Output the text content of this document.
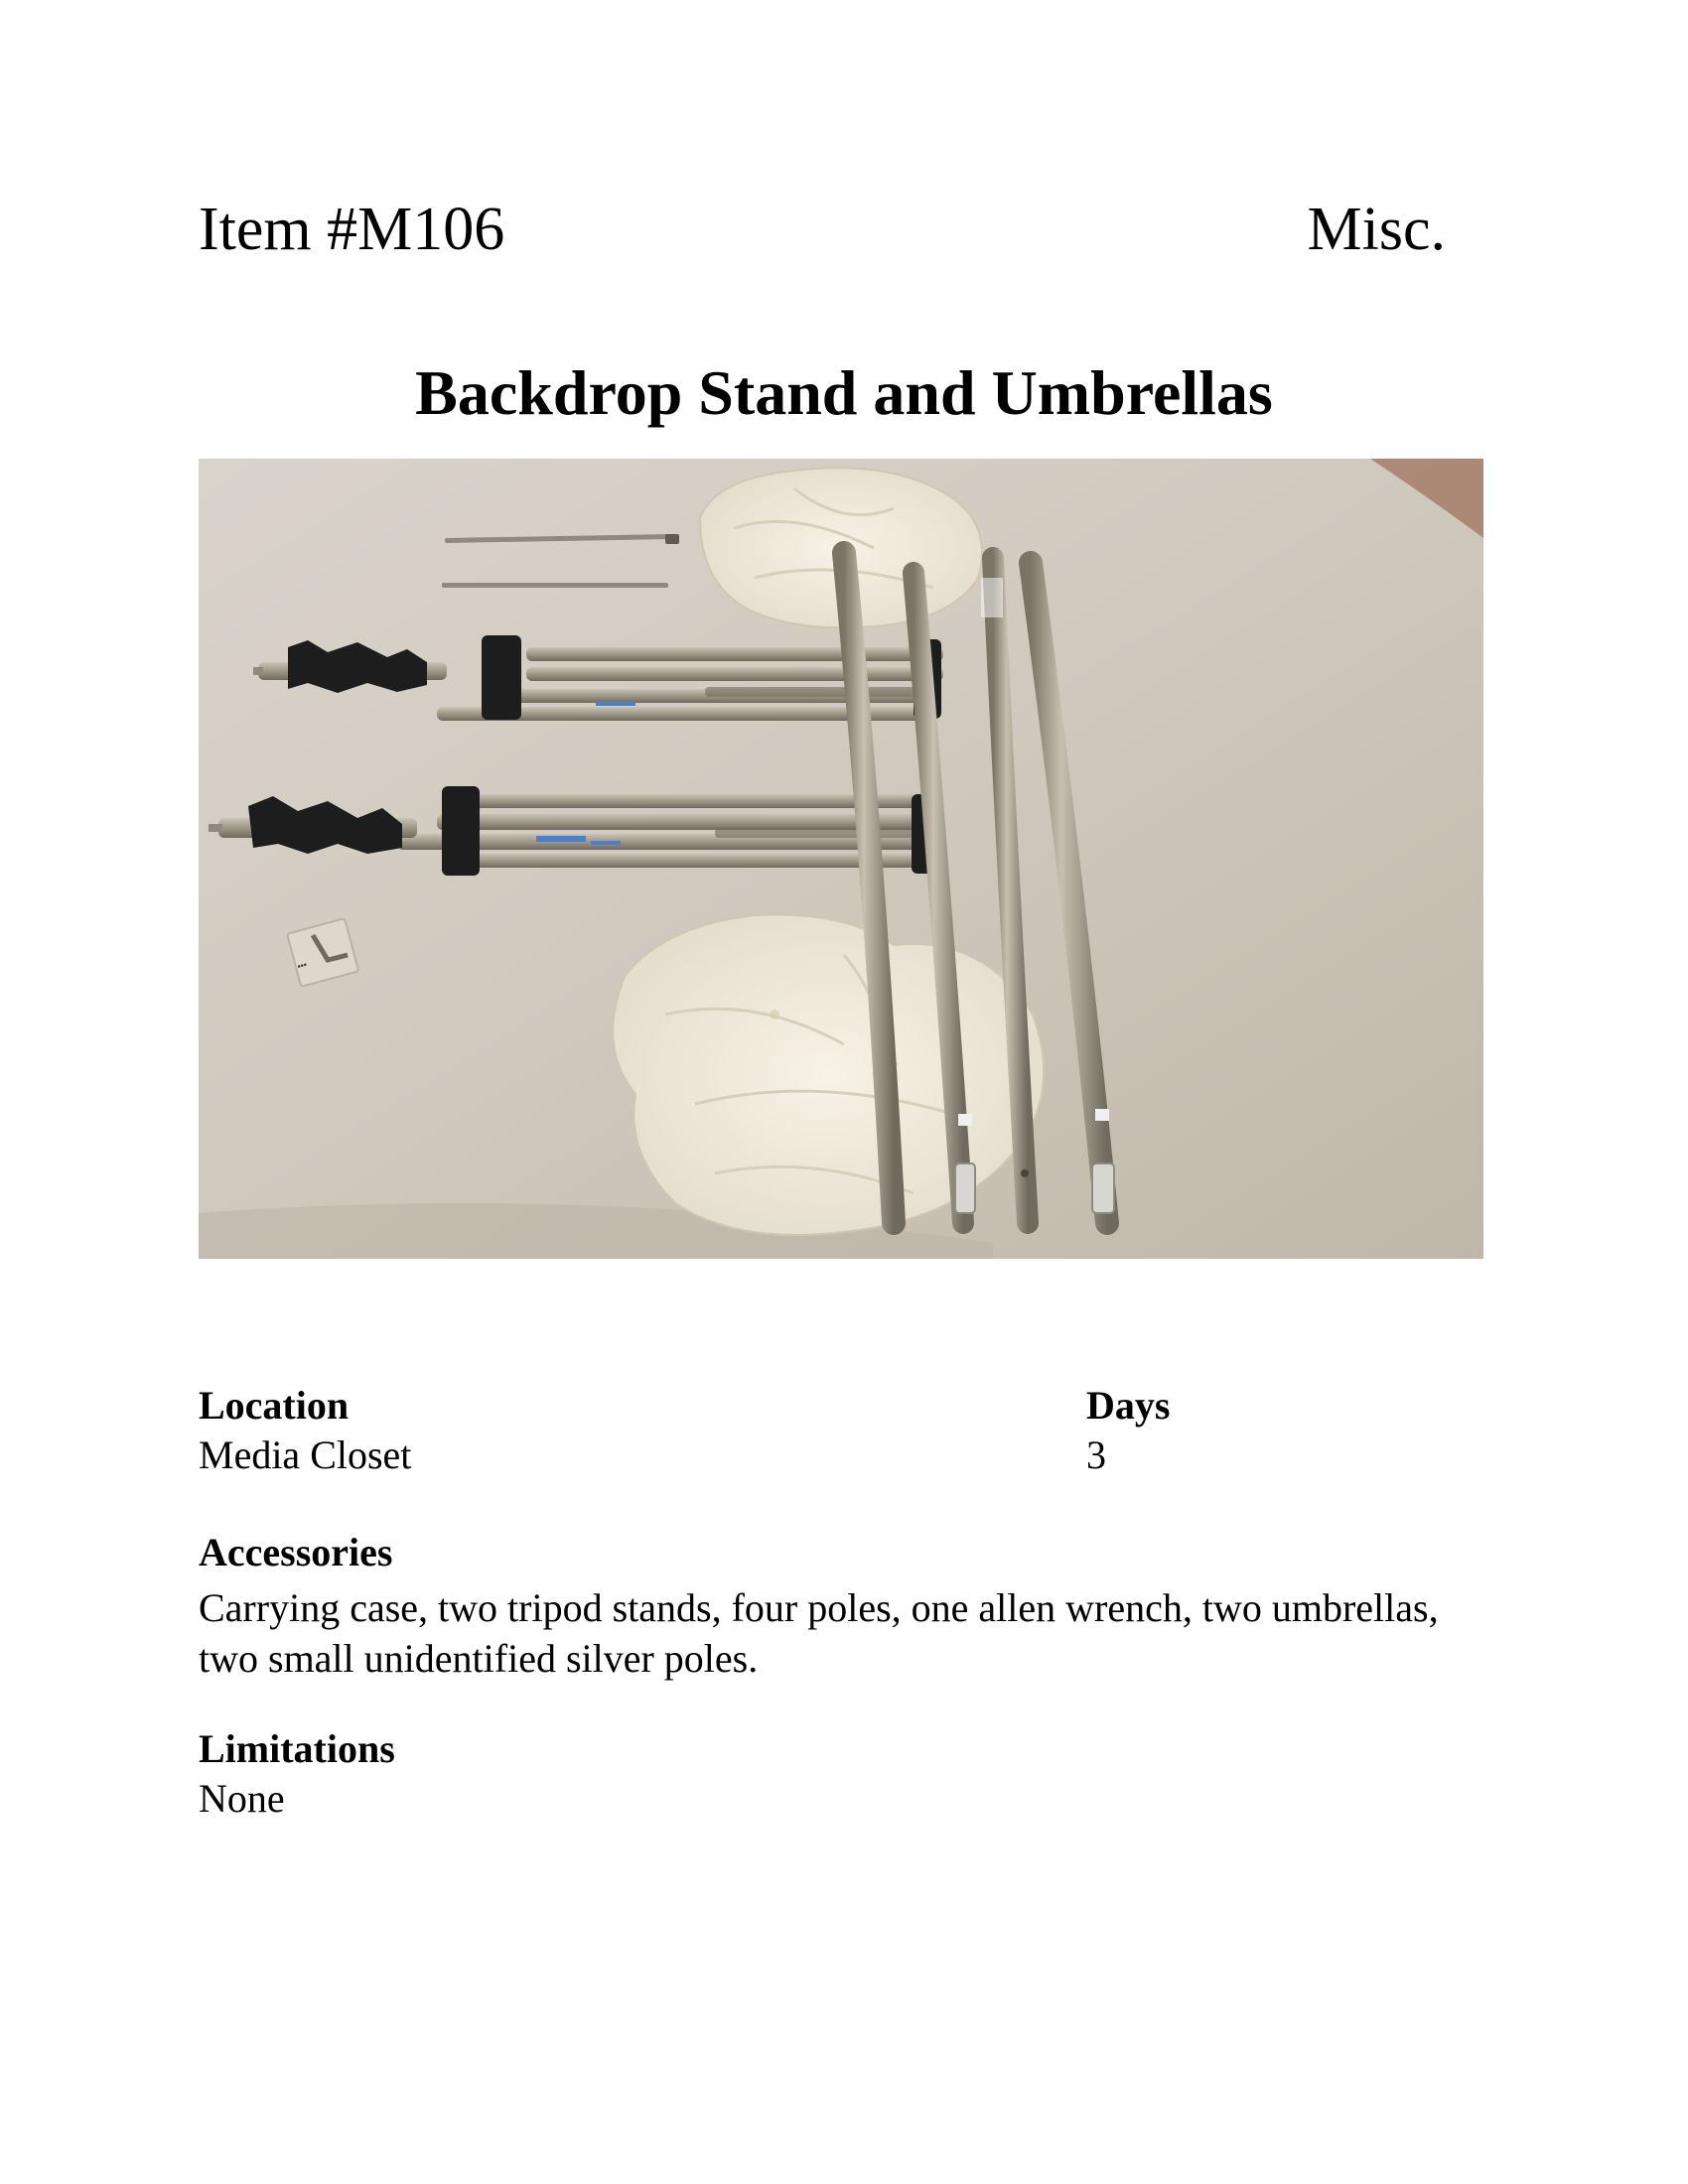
Item #M106	Misc.
Backdrop Stand and Umbrellas
▪▪▪
Location
Media Closet
Days
3
Accessories
Carrying case, two tripod stands, four poles, one allen wrench, two umbrellas, two small unidentified silver poles.
Limitations
None
